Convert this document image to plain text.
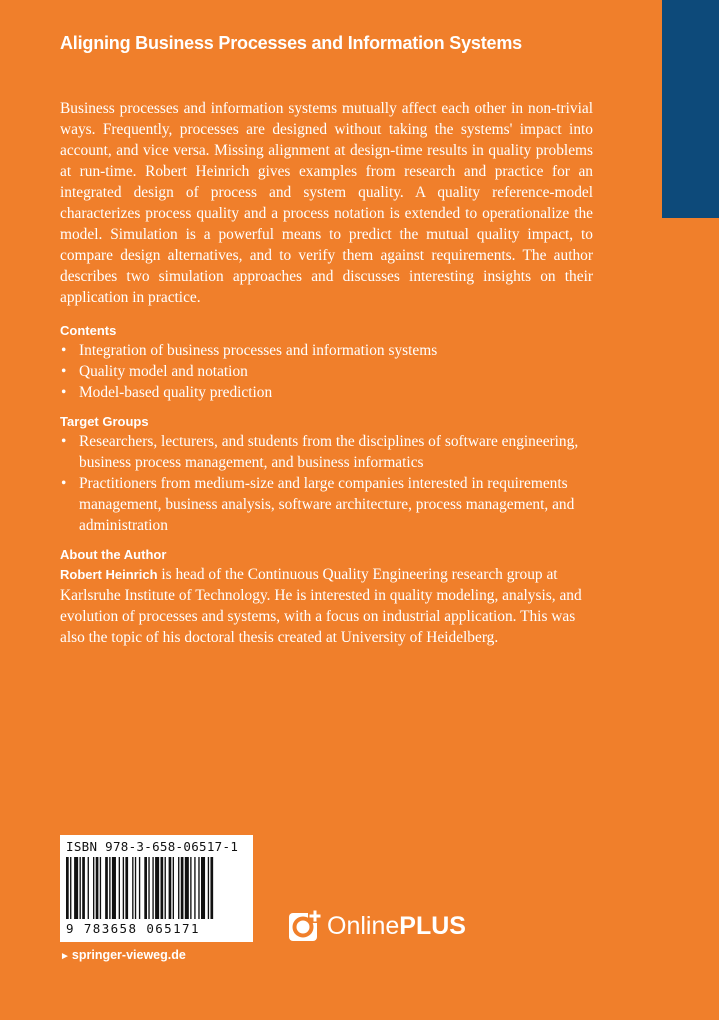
Aligning Business Processes and Information Systems

Business processes and information systems mutually affect each other in non-trivial ways. Frequently, processes are designed without taking the systems' impact into account, and vice versa. Missing alignment at design-time results in quality problems at run-time. Robert Heinrich gives examples from research and practice for an integrated design of process and system quality. A quality reference-model characterizes process quality and a process notation is extended to operationalize the model. Simulation is a powerful means to predict the mutual quality impact, to compare design alternatives, and to verify them against requirements. The author describes two simulation approaches and discusses interesting insights on their application in practice.

Contents

• Integration of business processes and information systems
• Quality model and notation
• Model-based quality prediction

Target Groups

• Researchers, lecturers, and students from the disciplines of software engineering, business process management, and business informatics
• Practitioners from medium-size and large companies interested in requirements management, business analysis, software architecture, process management, and administration

About the Author

Robert Heinrich is head of the Continuous Quality Engineering research group at Karlsruhe Institute of Technology. He is interested in quality modeling, analysis, and evolution of processes and systems, with a focus on industrial application. This was also the topic of his doctoral thesis created at University of Heidelberg.

ISBN 978-3-658-06517-1
9 783658 065171	OnlinePLUS
► springer-vieweg.de
